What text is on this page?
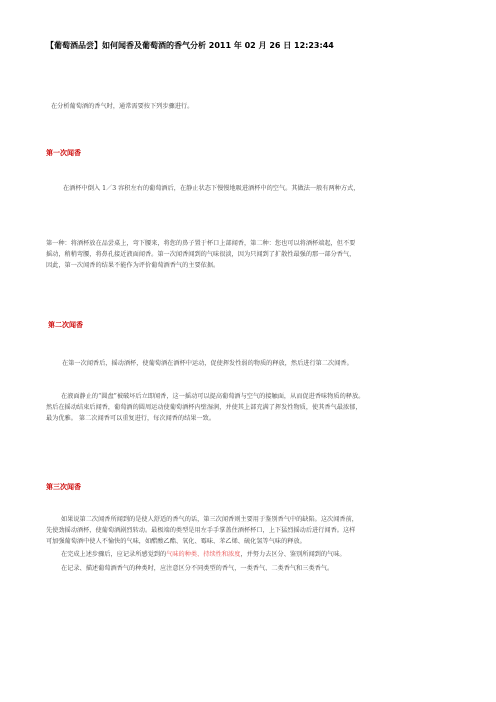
【葡萄酒品尝】如何闻香及葡萄酒的香气分析 2011 年 02 月 26 日 12:23:44
在分析葡萄酒的香气时，通常需要按下列步骤进行。
第一次闻香
在酒杯中倒入 1／3 容积左右的葡萄酒后，在静止状态下慢慢地吸进酒杯中的空气。其做法一般有两种方式，
第一种：将酒杯放在品尝桌上，弯下腰来，将您的鼻子置于杯口上部闻香，第二种：您也可以将酒杯端起，但不要
摇动，稍稍弯腰，将鼻孔接近液面闻香。第一次闻香闻到的气味很淡，因为只闻到了扩散性最强的那一部分香气，
因此，第一次闻香的结果不能作为评价葡萄酒香气的主要依据。
第二次闻香
在第一次闻香后，摇动酒杯，使葡萄酒在酒杯中运动，促使挥发性弱的物质的释放，然后进行第二次闻香。
在液面静止的“圆盘”被破坏后立即闻香，这一摇动可以提高葡萄酒与空气的接触面，从而促进香味物质的释放。
然后在摇动结束后闻香，葡萄酒的圆周运动使葡萄酒杯内壁湿润，并使其上部充满了挥发性物质，使其香气最浓郁，
最为优雅。 第二次闻香可以重复进行，每次闻香的结果一致。
第三次闻香
如果说第二次闻香所闻到的是使人舒适的香气的话，第三次闻香则主要用于鉴别香气中的缺陷。这次闻香前，
先使劲摇动酒杯，使葡萄酒剧烈转动。最极端的类型是用左手手掌盖住酒杯杯口，上下猛烈摇动后进行闻香。这样
可加强葡萄酒中使人不愉快的气味，如醋酸乙酯、氧化、霉味、苯乙烯、硫化氢等气味的释放。
在完成上述步骤后，应记录所感觉到的气味的种类、持续性和浓度，并努力去区分、鉴别所闻到的气味。
在记录、描述葡萄酒香气的种类时，应注意区分不同类型的香气，一类香气、二类香气和三类香气。
